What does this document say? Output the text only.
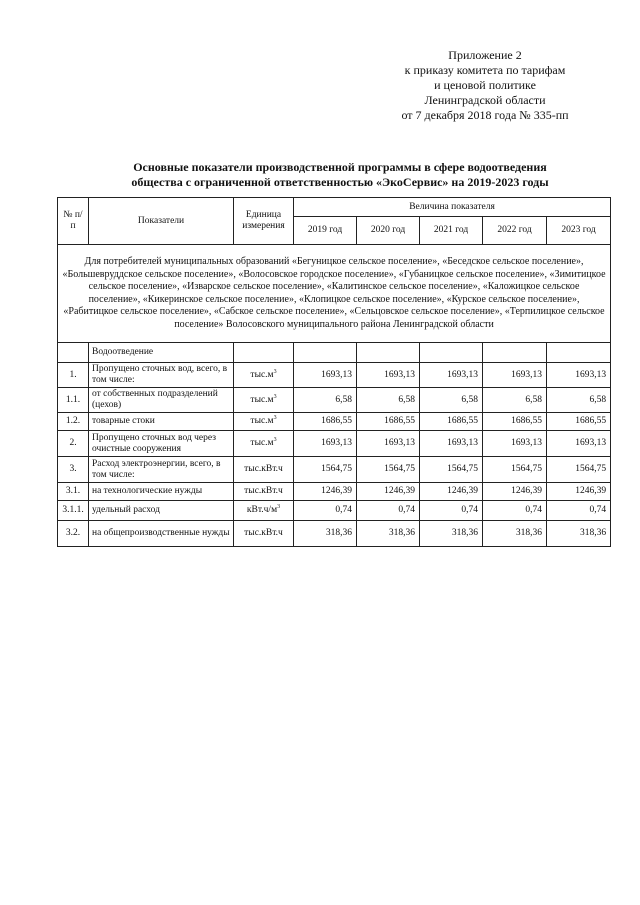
Приложение 2
к приказу комитета по тарифам
и ценовой политике
Ленинградской области
от 7 декабря 2018 года № 335-пп
Основные показатели производственной программы в сфере водоотведения
общества с ограниченной ответственностью «ЭкоСервис» на 2019-2023 годы
№ п/п	Показатели	Единица измерения	Величина показателя				
			2019 год	2020 год	2021 год	2022 год	2023 год
Для потребителей муниципальных образований «Бегуницкое сельское поселение», «Беседское сельское поселение», «Большевруддское сельское поселение», «Волосовское городское поселение», «Губаницкое сельское поселение», «Зимитицкое сельское поселение», «Изварское сельское поселение», «Калитинское сельское поселение», «Каложицкое сельское поселение», «Кикеринское сельское поселение», «Клопицкое сельское поселение», «Курское сельское поселение», «Рабитицкое сельское поселение», «Сабское сельское поселение», «Сельцовское сельское поселение», «Терпилицкое сельское поселение» Волосовского муниципального района Ленинградской области							
	Водоотведение						
1.	Пропущено сточных вод, всего, в том числе:	$тыс.м^3$	1693,13	1693,13	1693,13	1693,13	1693,13
1.1.	от собственных подразделений (цехов)	$тыс.м^3$	6,58	6,58	6,58	6,58	6,58
1.2.	товарные стоки	$тыс.м^3$	1686,55	1686,55	1686,55	1686,55	1686,55
2.	Пропущено сточных вод через очистные сооружения	$тыс.м^3$	1693,13	1693,13	1693,13	1693,13	1693,13
3.	Расход электроэнергии, всего, в том числе:	тыс.кВт.ч	1564,75	1564,75	1564,75	1564,75	1564,75
3.1.	на технологические нужды	тыс.кВт.ч	1246,39	1246,39	1246,39	1246,39	1246,39
3.1.1.	удельный расход	$кВт.ч/м^3$	0,74	0,74	0,74	0,74	0,74
3.2.	на общепроизводственные нужды	тыс.кВт.ч	318,36	318,36	318,36	318,36	318,36
